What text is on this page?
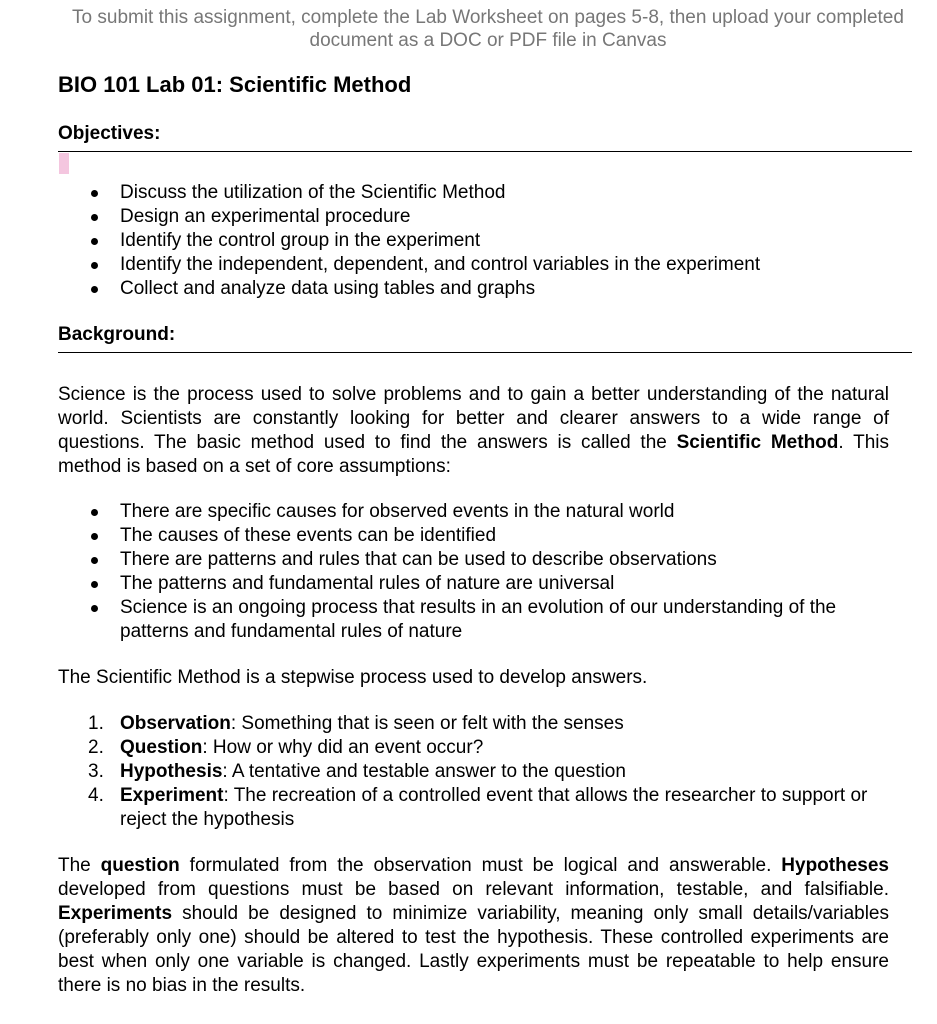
To submit this assignment, complete the Lab Worksheet on pages 5-8, then upload your completed document as a DOC or PDF file in Canvas
BIO 101 Lab 01: Scientific Method
Objectives:
Discuss the utilization of the Scientific Method
Design an experimental procedure
Identify the control group in the experiment
Identify the independent, dependent, and control variables in the experiment
Collect and analyze data using tables and graphs
Background:

Science is the process used to solve problems and to gain a better understanding of the natural world. Scientists are constantly looking for better and clearer answers to a wide range of questions. The basic method used to find the answers is called the Scientific Method. This method is based on a set of core assumptions:

There are specific causes for observed events in the natural world
The causes of these events can be identified
There are patterns and rules that can be used to describe observations
The patterns and fundamental rules of nature are universal
Science is an ongoing process that results in an evolution of our understanding of the patterns and fundamental rules of nature

The Scientific Method is a stepwise process used to develop answers.

1. Observation: Something that is seen or felt with the senses
2. Question: How or why did an event occur?
3. Hypothesis: A tentative and testable answer to the question
4. Experiment: The recreation of a controlled event that allows the researcher to support or reject the hypothesis

The question formulated from the observation must be logical and answerable. Hypotheses developed from questions must be based on relevant information, testable, and falsifiable. Experiments should be designed to minimize variability, meaning only small details/variables (preferably only one) should be altered to test the hypothesis. These controlled experiments are best when only one variable is changed. Lastly experiments must be repeatable to help ensure there is no bias in the results.
